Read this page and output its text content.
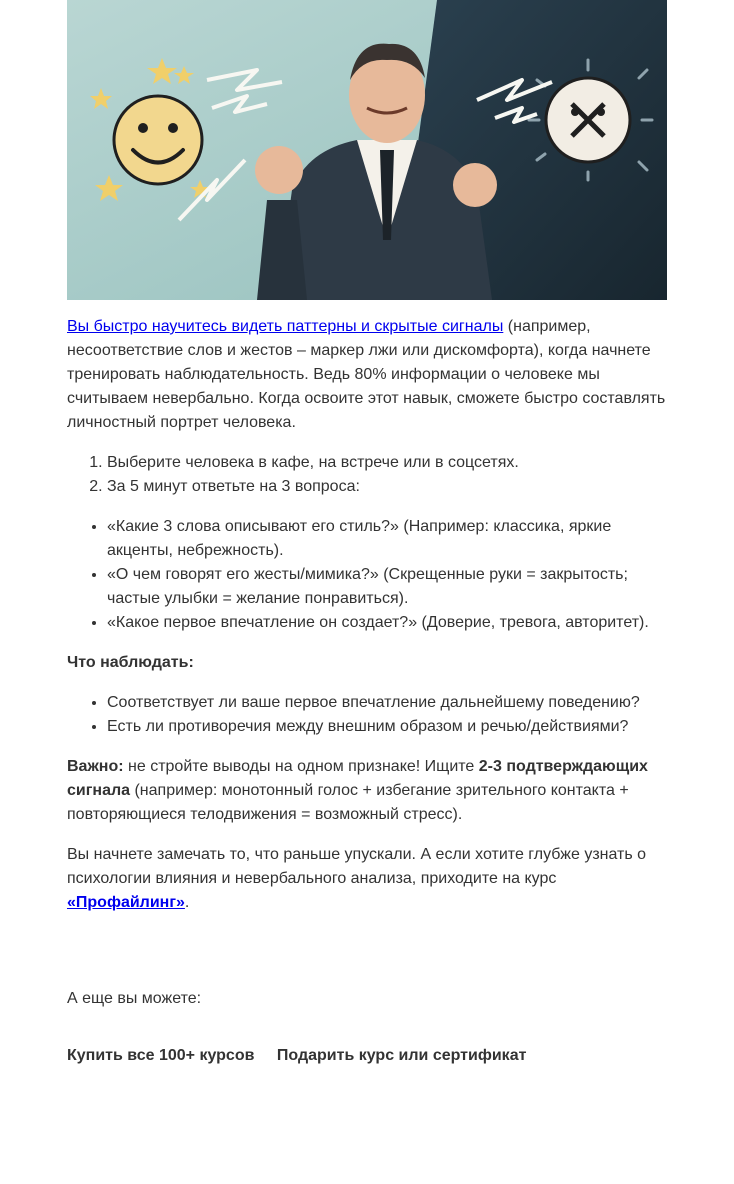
Вы быстро научитесь видеть паттерны и скрытые сигналы (например, несоответствие слов и жестов – маркер лжи или дискомфорта), когда начнете тренировать наблюдательность. Ведь 80% информации о человеке мы считываем невербально. Когда освоите этот навык, сможете быстро составлять личностный портрет человека.

1. Выберите человека в кафе, на встрече или в соцсетях.
2. За 5 минут ответьте на 3 вопроса:
• «Какие 3 слова описывают его стиль?» (Например: классика, яркие акценты, небрежность).
• «О чем говорят его жесты/мимика?» (Скрещенные руки = закрытость; частые улыбки = желание понравиться).
• «Какое первое впечатление он создает?» (Доверие, тревога, авторитет).

Что наблюдать:

• Соответствует ли ваше первое впечатление дальнейшему поведению?
• Есть ли противоречия между внешним образом и речью/действиями?

Важно: не стройте выводы на одном признаке! Ищите 2-3 подтверждающих сигнала (например: монотонный голос + избегание зрительного контакта + повторяющиеся телодвижения = возможный стресс).

Вы начнете замечать то, что раньше упускали. А если хотите глубже узнать о психологии влияния и невербального анализа, приходите на курс «Профайлинг».

А еще вы можете:

Купить все 100+ курсов Подарить курс или сертификат
